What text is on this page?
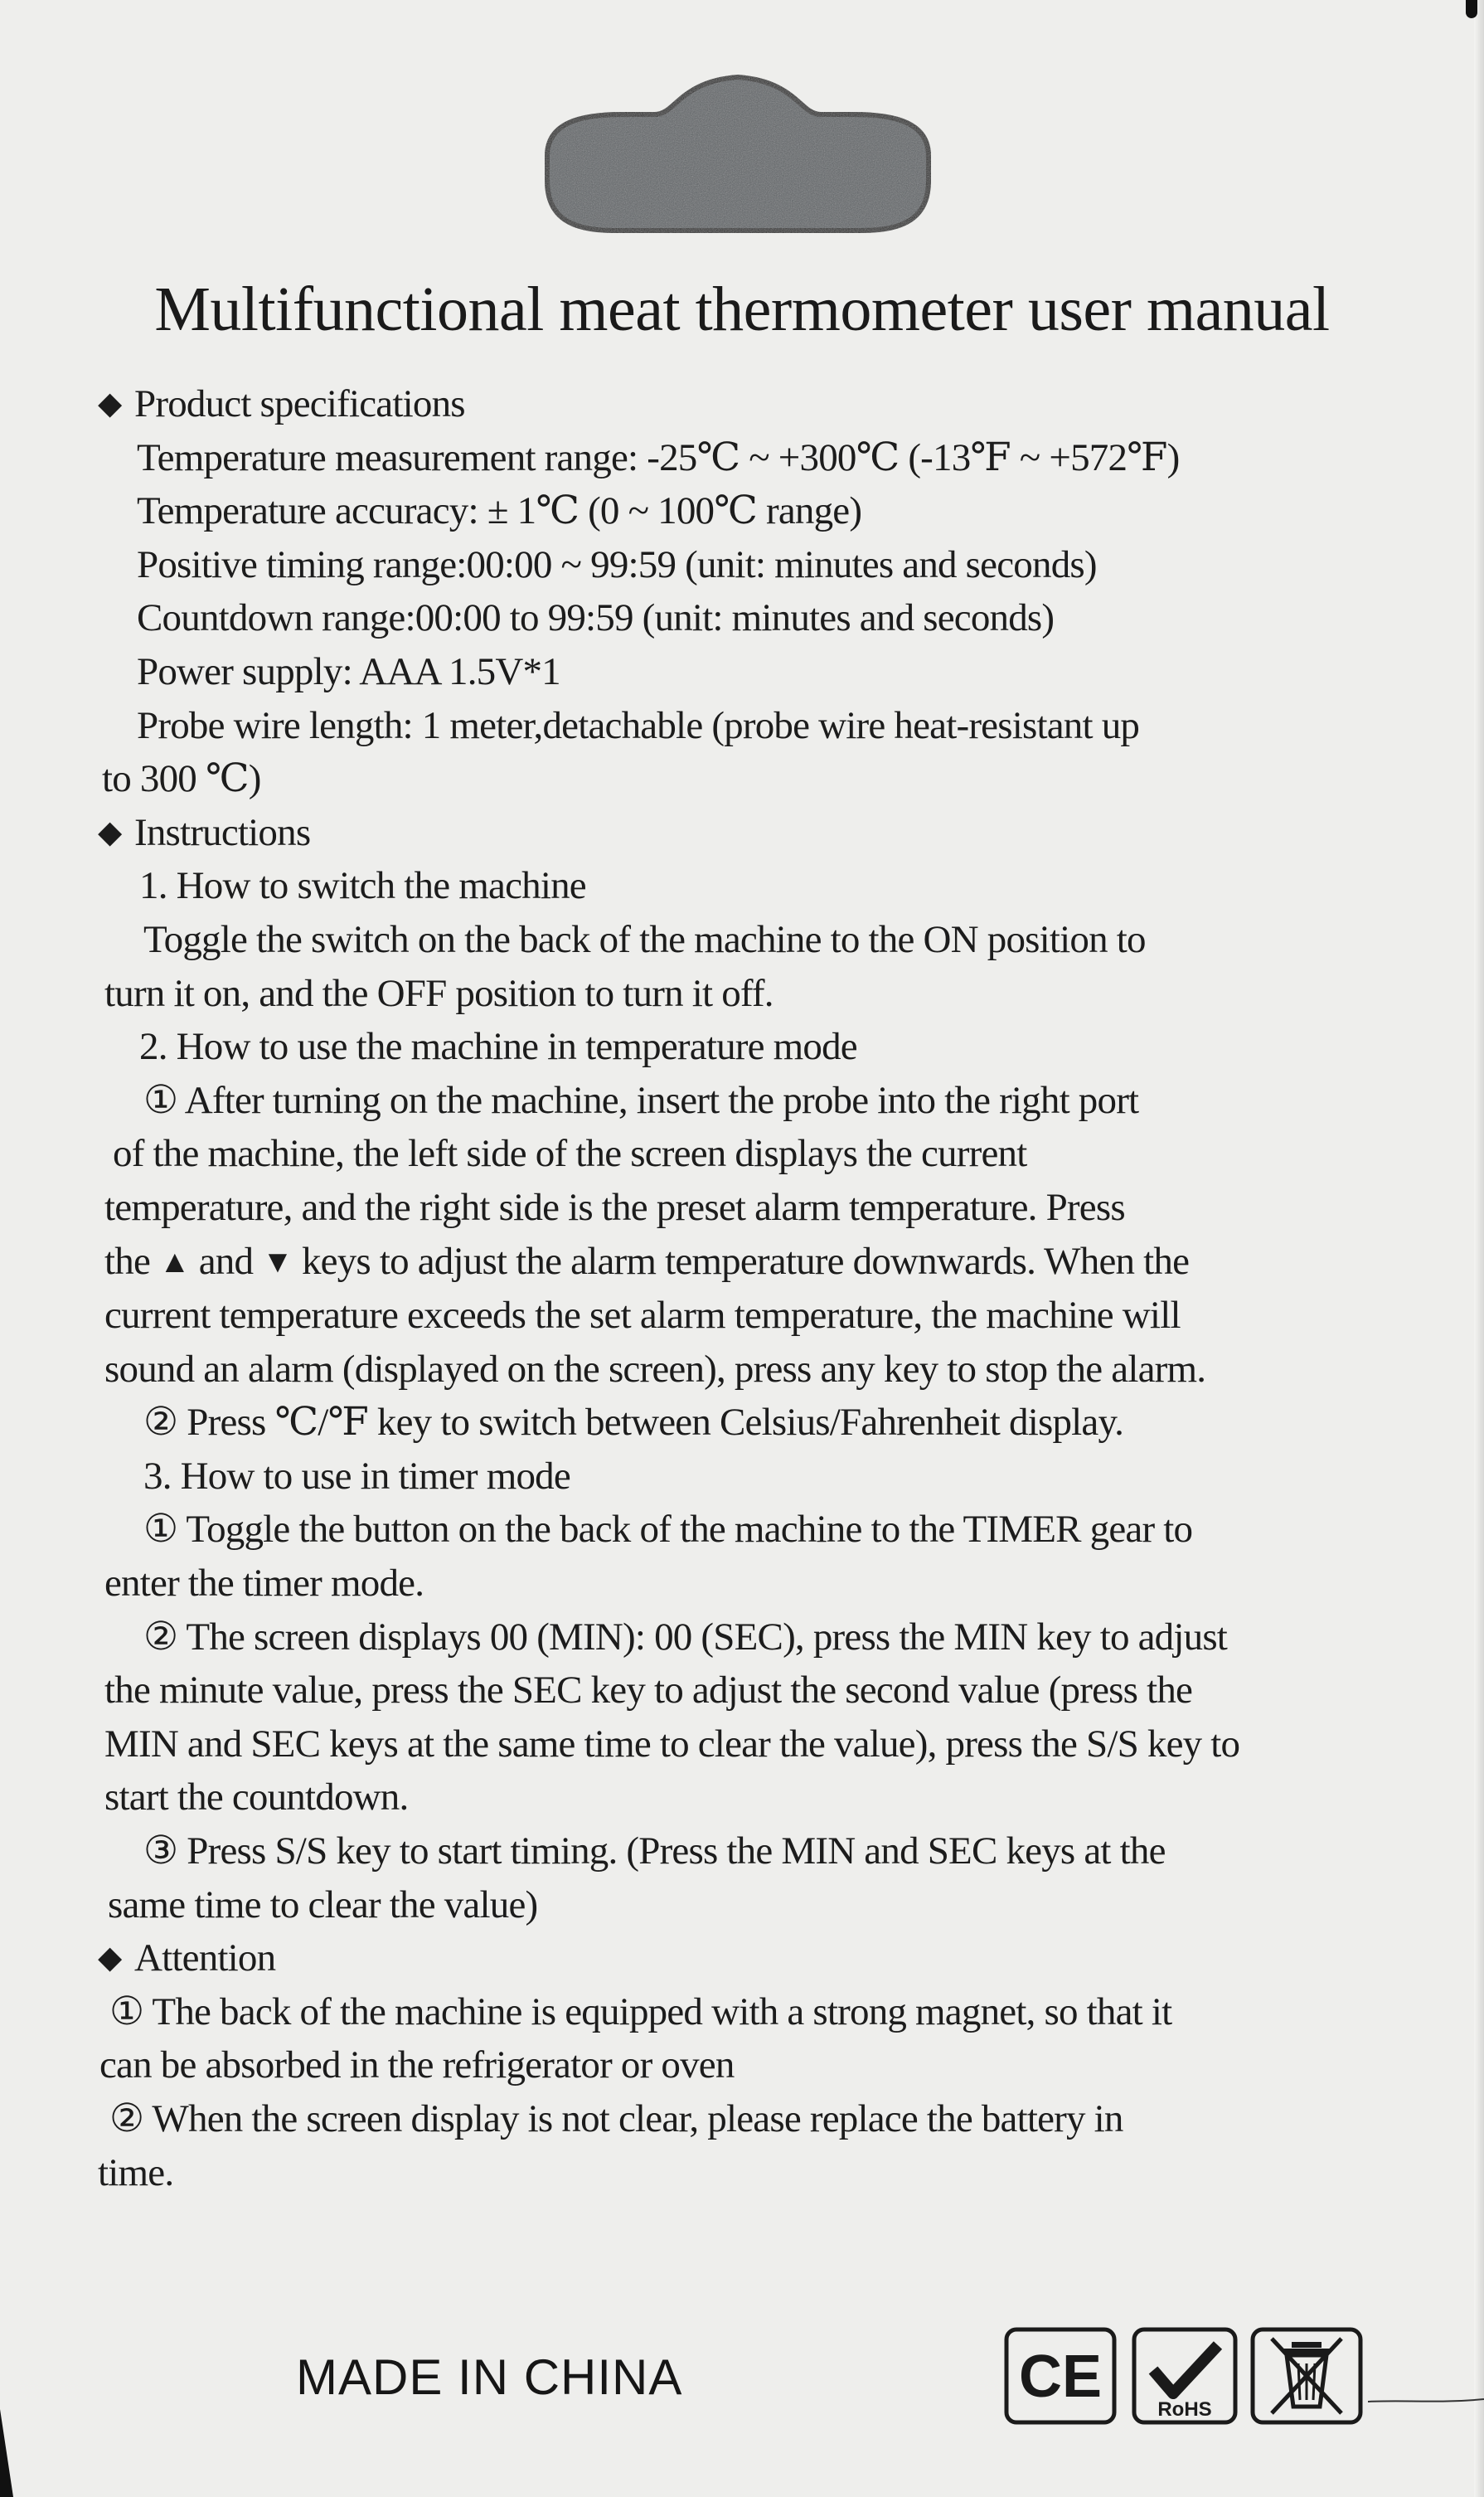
Multifunctional meat thermometer user manual
◆ Product specifications
Temperature measurement range: -25℃ ~ +300℃ (-13℉ ~ +572℉)
Temperature accuracy: ± 1℃ (0 ~ 100℃ range)
Positive timing range:00:00 ~ 99:59 (unit: minutes and seconds)
Countdown range:00:00 to 99:59 (unit: minutes and seconds)
Power supply: AAA 1.5V*1
Probe wire length: 1 meter,detachable (probe wire heat-resistant up
to 300 ℃)
◆ Instructions
1. How to switch the machine
Toggle the switch on the back of the machine to the ON position to
turn it on, and the OFF position to turn it off.
2. How to use the machine in temperature mode
① After turning on the machine, insert the probe into the right port
of the machine, the left side of the screen displays the current
temperature, and the right side is the preset alarm temperature. Press
the ▲ and ▼ keys to adjust the alarm temperature downwards. When the
current temperature exceeds the set alarm temperature, the machine will
sound an alarm (displayed on the screen), press any key to stop the alarm.
② Press ℃/℉ key to switch between Celsius/Fahrenheit display.
3. How to use in timer mode
① Toggle the button on the back of the machine to the TIMER gear to
enter the timer mode.
② The screen displays 00 (MIN): 00 (SEC), press the MIN key to adjust
the minute value, press the SEC key to adjust the second value (press the
MIN and SEC keys at the same time to clear the value), press the S/S key to
start the countdown.
③ Press S/S key to start timing. (Press the MIN and SEC keys at the
same time to clear the value)
◆ Attention
① The back of the machine is equipped with a strong magnet, so that it
can be absorbed in the refrigerator or oven
② When the screen display is not clear, please replace the battery in
time.
MADE IN CHINA	CE	RoHS
